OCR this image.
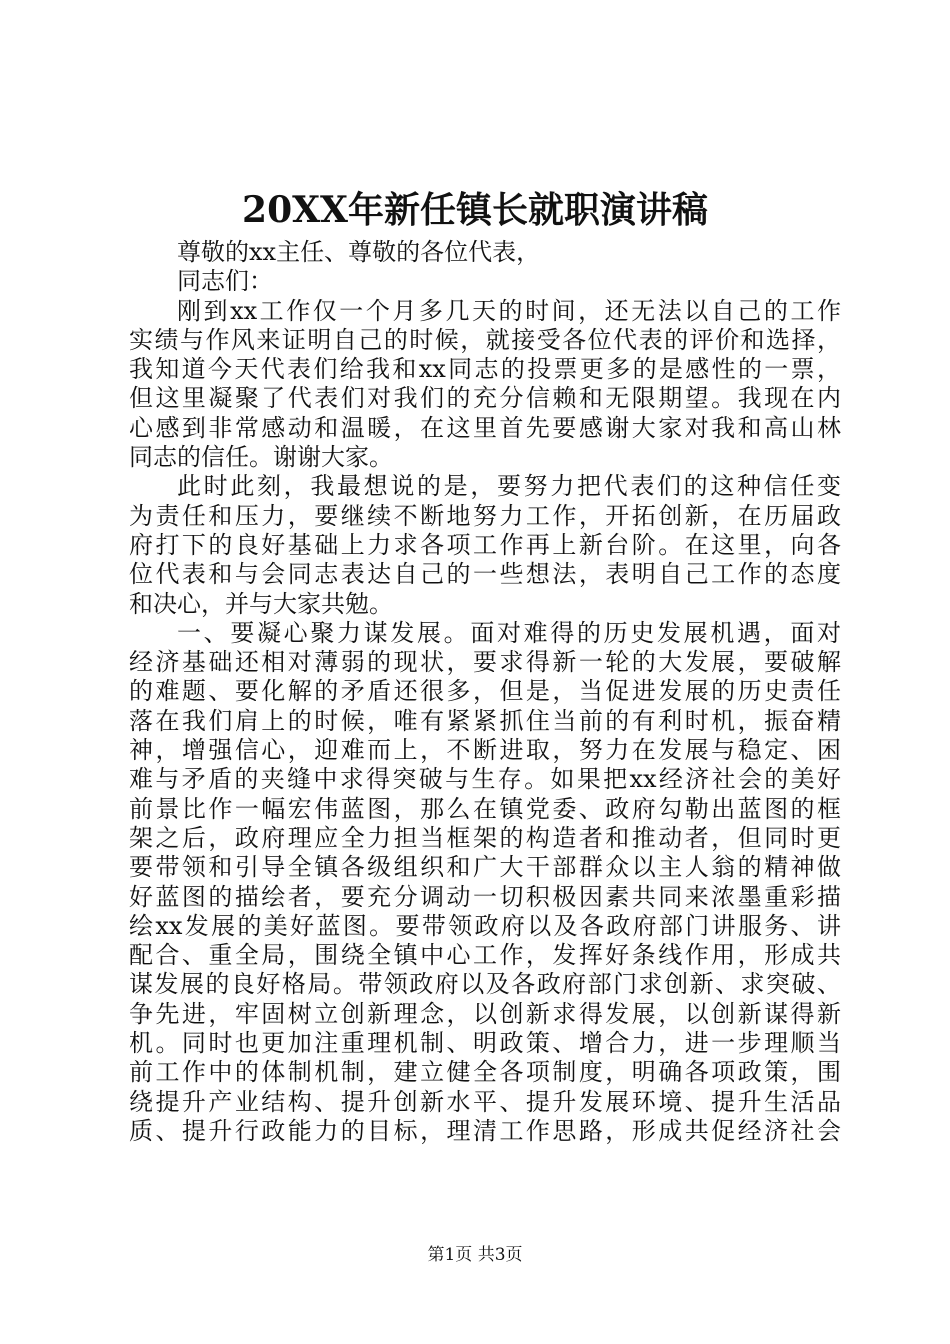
20XX年新任镇长就职演讲稿
尊敬的xx主任、尊敬的各位代表，
同志们：
刚到xx工作仅一个月多几天的时间，还无法以自己的工作
实绩与作风来证明自己的时候，就接受各位代表的评价和选择，
我知道今天代表们给我和xx同志的投票更多的是感性的一票，
但这里凝聚了代表们对我们的充分信赖和无限期望。我现在内
心感到非常感动和温暖，在这里首先要感谢大家对我和高山林
同志的信任。谢谢大家。
此时此刻，我最想说的是，要努力把代表们的这种信任变
为责任和压力，要继续不断地努力工作，开拓创新，在历届政
府打下的良好基础上力求各项工作再上新台阶。在这里，向各
位代表和与会同志表达自己的一些想法，表明自己工作的态度
和决心，并与大家共勉。
一、要凝心聚力谋发展。面对难得的历史发展机遇，面对
经济基础还相对薄弱的现状，要求得新一轮的大发展，要破解
的难题、要化解的矛盾还很多，但是，当促进发展的历史责任
落在我们肩上的时候，唯有紧紧抓住当前的有利时机，振奋精
神，增强信心，迎难而上，不断进取，努力在发展与稳定、困
难与矛盾的夹缝中求得突破与生存。如果把xx经济社会的美好
前景比作一幅宏伟蓝图，那么在镇党委、政府勾勒出蓝图的框
架之后，政府理应全力担当框架的构造者和推动者，但同时更
要带领和引导全镇各级组织和广大干部群众以主人翁的精神做
好蓝图的描绘者，要充分调动一切积极因素共同来浓墨重彩描
绘xx发展的美好蓝图。要带领政府以及各政府部门讲服务、讲
配合、重全局，围绕全镇中心工作，发挥好条线作用，形成共
谋发展的良好格局。带领政府以及各政府部门求创新、求突破、
争先进，牢固树立创新理念，以创新求得发展，以创新谋得新
机。同时也更加注重理机制、明政策、增合力，进一步理顺当
前工作中的体制机制，建立健全各项制度，明确各项政策，围
绕提升产业结构、提升创新水平、提升发展环境、提升生活品
质、提升行政能力的目标，理清工作思路，形成共促经济社会
第1页 共3页
